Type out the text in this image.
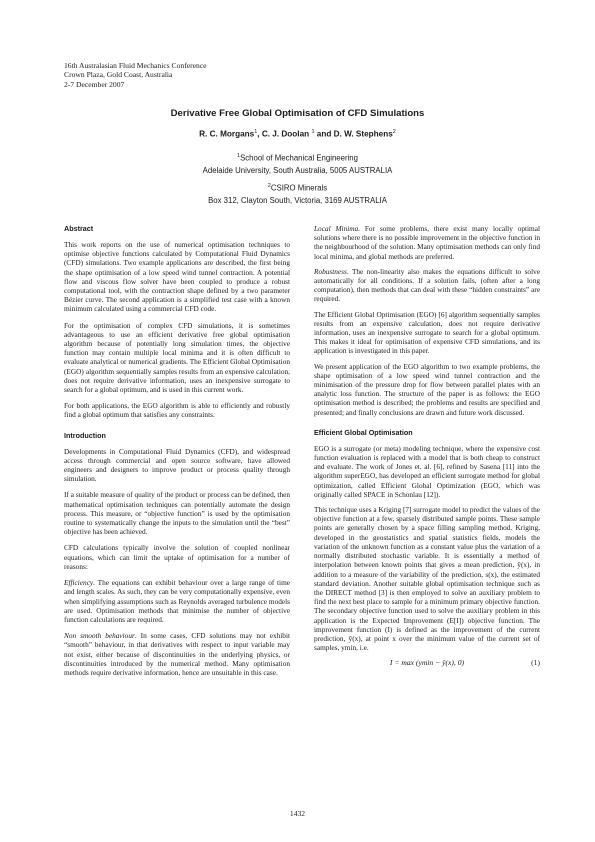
16th Australasian Fluid Mechanics Conference
Crown Plaza, Gold Coast, Australia
2-7 December 2007
Derivative Free Global Optimisation of CFD Simulations
R. C. Morgans$^1$, C. J. Doolan $^1$ and D. W. Stephens$^2$
$^1$School of Mechanical Engineering
Adelaide University, South Australia, 5005 AUSTRALIA
$^2$CSIRO Minerals
Box 312, Clayton South, Victoria, 3169 AUSTRALIA
Abstract

This work reports on the use of numerical optimisation techniques to optimise objective functions calculated by Computational Fluid Dynamics (CFD) simulations. Two example applications are described, the first being the shape optimisation of a low speed wind tunnel contraction. A potential flow and viscous flow solver have been coupled to produce a robust computational tool, with the contraction shape defined by a two parameter Bézier curve. The second application is a simplified test case with a known minimum calculated using a commercial CFD code.

For the optimisation of complex CFD simulations, it is sometimes advantageous to use an efficient derivative free global optimisation algorithm because of potentially long simulation times, the objective function may contain multiple local minima and it is often difficult to evaluate analytical or numerical gradients. The Efficient Global Optimisation (EGO) algorithm sequentially samples results from an expensive calculation, does not require derivative information, uses an inexpensive surrogate to search for a global optimum, and is used in this current work.

For both applications, the EGO algorithm is able to efficiently and robustly find a global optimum that satisfies any constraints.

Introduction

Developments in Computational Fluid Dynamics (CFD), and widespread access through commercial and open source software, have allowed engineers and designers to improve product or process quality through simulation.

If a suitable measure of quality of the product or process can be defined, then mathematical optimisation techniques can potentially automate the design process. This measure, or “objective function” is used by the optimisation routine to systematically change the inputs to the simulation until the “best” objective has been achieved.

CFD calculations typically involve the solution of coupled nonlinear equations, which can limit the uptake of optimisation for a number of reasons:

Efficiency. The equations can exhibit behaviour over a large range of time and length scales. As such, they can be very computationally expensive, even when simplifying assumptions such as Reynolds averaged turbulence models are used. Optimisation methods that minimise the number of objective function calculations are required.

Non smooth behaviour. In some cases, CFD solutions may not exhibit “smooth” behaviour, in that derivatives with respect to input variable may not exist, either because of discontinuities in the underlying physics, or discontinuities introduced by the numerical method. Many optimisation methods require derivative information, hence are unsuitable in this case.

Local Minima. For some problems, there exist many locally optimal solutions where there is no possible improvement in the objective function in the neighbourhood of the solution. Many optimisation methods can only find local minima, and global methods are preferred.

Robustness. The non-linearity also makes the equations difficult to solve automatically for all conditions. If a solution fails, (often after a long computation), then methods that can deal with these “hidden constraints” are required.

The Efficient Global Optimisation (EGO) [6] algorithm sequentially samples results from an expensive calculation, does not require derivative information, uses an inexpensive surrogate to search for a global optimum. This makes it ideal for optimisation of expensive CFD simulations, and its application is investigated in this paper.

We present application of the EGO algorithm to two example problems, the shape optimisation of a low speed wind tunnel contraction and the minimisation of the pressure drop for flow between parallel plates with an analytic loss function. The structure of the paper is as follows: the EGO optimisation method is described; the problems and results are specified and presented; and finally conclusions are drawn and future work discussed.

Efficient Global Optimisation

EGO is a surrogate (or meta) modeling technique, where the expensive cost function evaluation is replaced with a model that is both cheap to construct and evaluate. The work of Jones et. al. [6], refined by Sasena [11] into the algorithm superEGO, has developed an efficient surrogate method for global optimization, called Efficient Global Optimization (EGO, which was originally called SPACE in Schonlau [12]).

This technique uses a Kriging [7] surrogate model to predict the values of the objective function at a few, sparsely distributed sample points. These sample points are generally chosen by a space filling sampling method. Kriging, developed in the geostatistics and spatial statistics fields, models the variation of the unknown function as a constant value plus the variation of a normally distributed stochastic variable. It is essentially a method of interpolation between known points that gives a mean prediction, ŷ(x), in addition to a measure of the variability of the prediction, s(x), the estimated standard deviation. Another suitable global optimisation technique such as the DIRECT method [3] is then employed to solve an auxiliary problem to find the next best place to sample for a minimum primary objective function. The secondary objective function used to solve the auxiliary problem in this application is the Expected Improvement (E[I]) objective function. The improvement function (I) is defined as the improvement of the current prediction, ŷ(x), at point x over the minimum value of the current set of samples, ymin, i.e.

I = max (ymin − ŷ(x), 0)	(1)
1432
